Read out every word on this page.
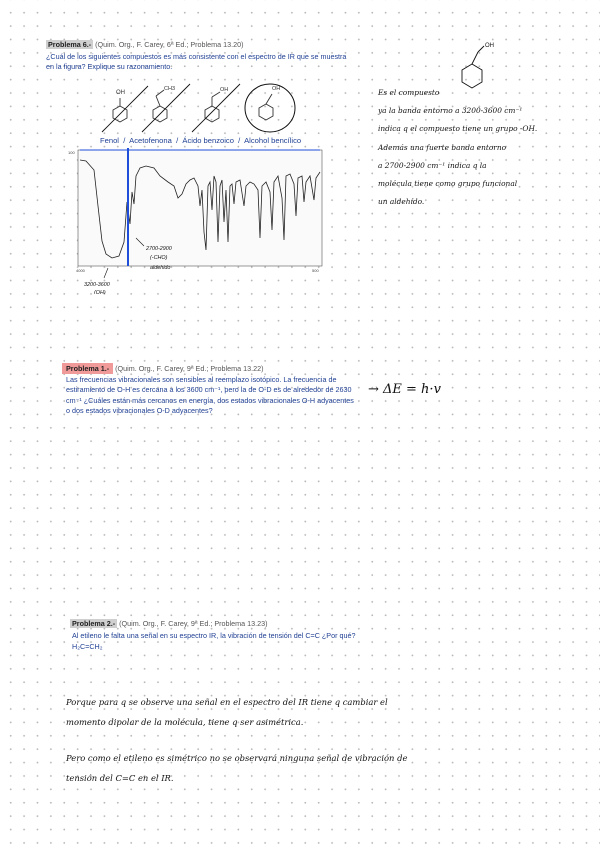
Problema 6.- (Quim. Org., F. Carey, 6ª Ed.; Problema 13.20)
¿Cuál de los siguientes compuestos es más consistente con el espectro de IR que se muestra en la figura? Explique su razonamiento.
OH
CH3	OH	OH
Fenol / Acetofenona / Ácido benzoico / Alcohol bencílico
100
4000	500
2700-2900
(-CHO)
aldehido
3200-3600
(OH)
OH
Es el compuesto
ya la banda entorno a 3200-3600 cm⁻¹
indica q el compuesto tiene un grupo -OH.
Además una fuerte banda entorno
a 2700-2900 cm⁻¹ indica q la
molécula tiene como grupo funcional
un aldehído.
Problema 1.- (Quim. Org., F. Carey, 9ª Ed.; Problema 13.22)
Las frecuencias vibracionales son sensibles al reemplazo isotópico. La frecuencia de estiramiento de O-H es cercana a los 3600 cm⁻¹, pero la de O-D es de alrededor de 2630 cm⁻¹ ¿Cuáles están más cercanos en energía, dos estados vibracionales O-H adyacentes o dos estados vibracionales O-D adyacentes?
→ ΔE = h·v
Problema 2.- (Quim. Org., F. Carey, 9ª Ed.; Problema 13.23)
Al etileno le falta una señal en su espectro IR, la vibración de tensión del C=C ¿Por qué?
H₂C=CH₂
Porque para q se observe una señal en el espectro del IR tiene q cambiar el
momento dipolar de la molécula, tiene q ser asimétrica.
Pero como el etileno es simétrico no se observará ninguna señal de vibración de
tensión del C=C en el IR.
